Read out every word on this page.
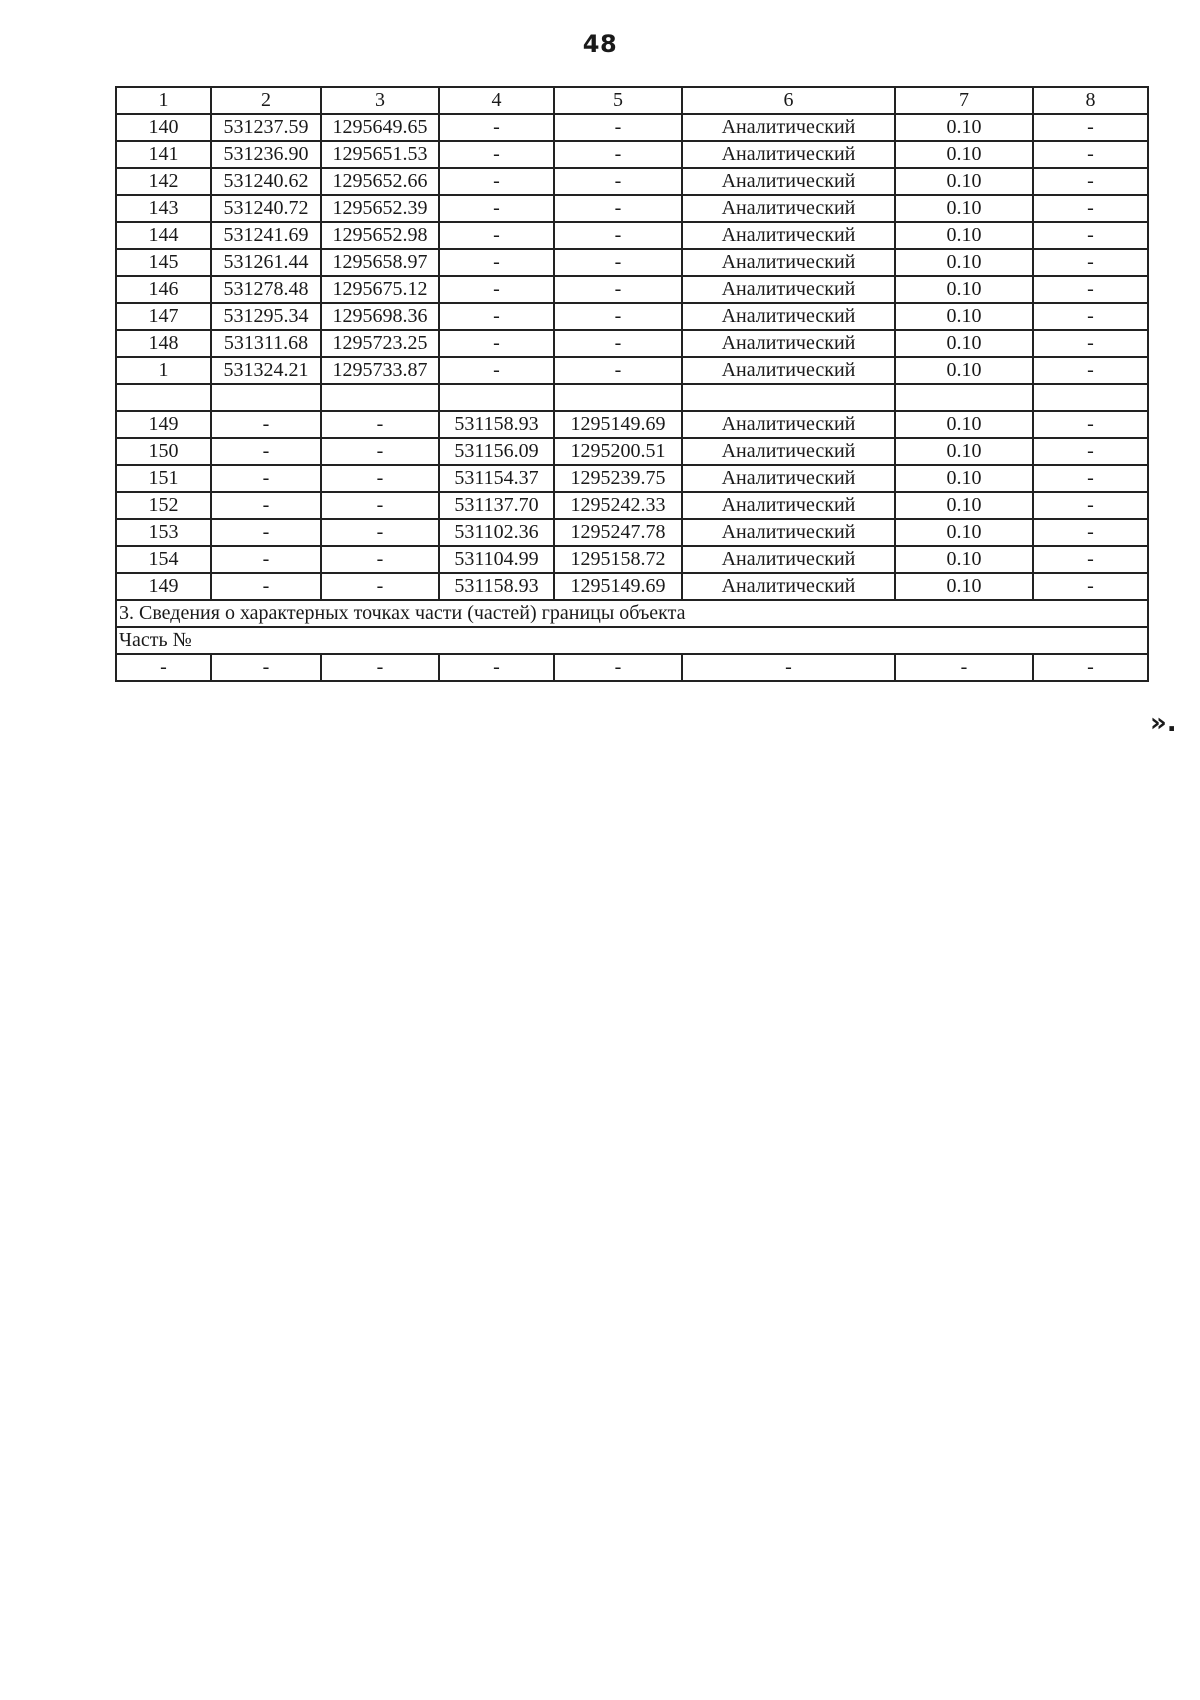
48
1	2	3	4	5	6	7	8
140	531237.59	1295649.65	-	-	Аналитический	0.10	-
141	531236.90	1295651.53	-	-	Аналитический	0.10	-
142	531240.62	1295652.66	-	-	Аналитический	0.10	-
143	531240.72	1295652.39	-	-	Аналитический	0.10	-
144	531241.69	1295652.98	-	-	Аналитический	0.10	-
145	531261.44	1295658.97	-	-	Аналитический	0.10	-
146	531278.48	1295675.12	-	-	Аналитический	0.10	-
147	531295.34	1295698.36	-	-	Аналитический	0.10	-
148	531311.68	1295723.25	-	-	Аналитический	0.10	-
1	531324.21	1295733.87	-	-	Аналитический	0.10	-

149	-	-	531158.93	1295149.69	Аналитический	0.10	-
150	-	-	531156.09	1295200.51	Аналитический	0.10	-
151	-	-	531154.37	1295239.75	Аналитический	0.10	-
152	-	-	531137.70	1295242.33	Аналитический	0.10	-
153	-	-	531102.36	1295247.78	Аналитический	0.10	-
154	-	-	531104.99	1295158.72	Аналитический	0.10	-
149	-	-	531158.93	1295149.69	Аналитический	0.10	-
3. Сведения о характерных точках части (частей) границы объекта							
Часть №							
-	-	-	-	-	-	-	-
».
